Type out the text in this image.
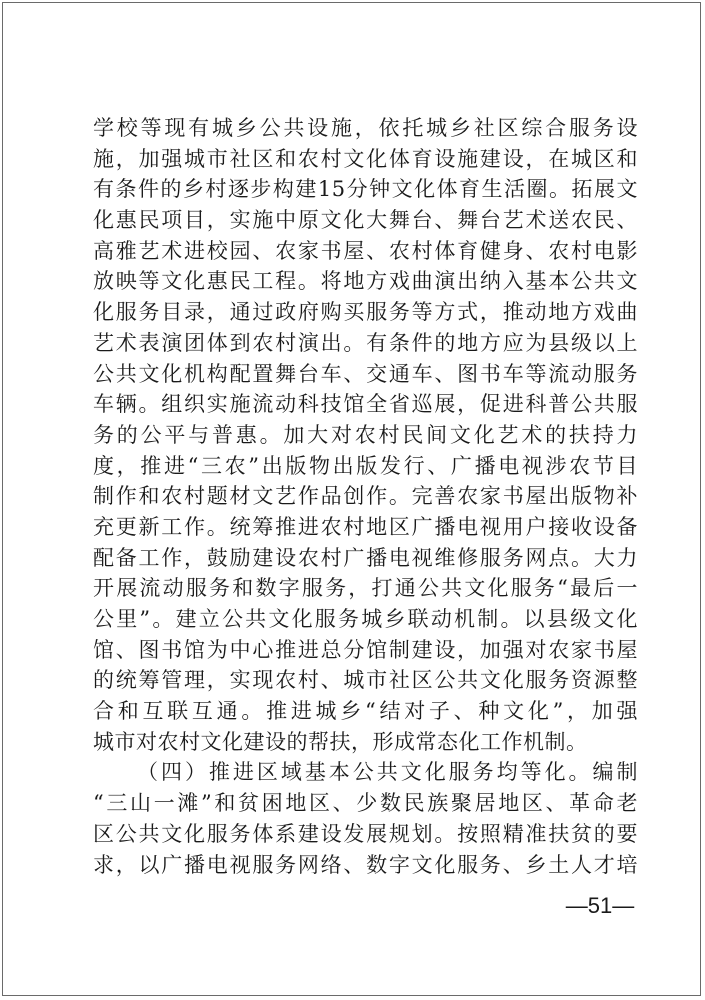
学校等现有城乡公共设施，依托城乡社区综合服务设
施，加强城市社区和农村文化体育设施建设，在城区和
有条件的乡村逐步构建15分钟文化体育生活圈。拓展文
化惠民项目，实施中原文化大舞台、舞台艺术送农民、
高雅艺术进校园、农家书屋、农村体育健身、农村电影
放映等文化惠民工程。将地方戏曲演出纳入基本公共文
化服务目录，通过政府购买服务等方式，推动地方戏曲
艺术表演团体到农村演出。有条件的地方应为县级以上
公共文化机构配置舞台车、交通车、图书车等流动服务
车辆。组织实施流动科技馆全省巡展，促进科普公共服
务的公平与普惠。加大对农村民间文化艺术的扶持力
度，推进“三农”出版物出版发行、广播电视涉农节目
制作和农村题材文艺作品创作。完善农家书屋出版物补
充更新工作。统筹推进农村地区广播电视用户接收设备
配备工作，鼓励建设农村广播电视维修服务网点。大力
开展流动服务和数字服务，打通公共文化服务“最后一
公里”。建立公共文化服务城乡联动机制。以县级文化
馆、图书馆为中心推进总分馆制建设，加强对农家书屋
的统筹管理，实现农村、城市社区公共文化服务资源整
合和互联互通。推进城乡“结对子、种文化”，加强
城市对农村文化建设的帮扶，形成常态化工作机制。
（四）推进区域基本公共文化服务均等化。编制
“三山一滩”和贫困地区、少数民族聚居地区、革命老
区公共文化服务体系建设发展规划。按照精准扶贫的要
求，以广播电视服务网络、数字文化服务、乡土人才培
—51—
